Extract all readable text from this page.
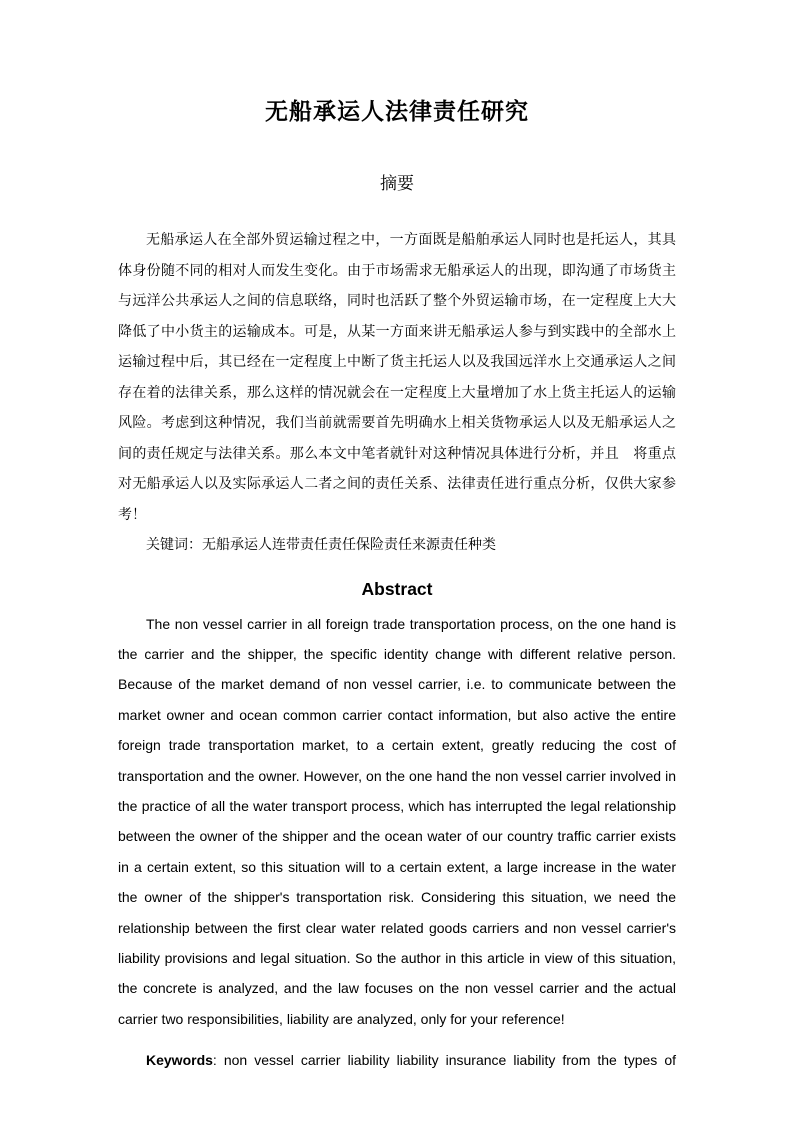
无船承运人法律责任研究
摘要

无船承运人在全部外贸运输过程之中，一方面既是船舶承运人同时也是托运人，其具体身份随不同的相对人而发生变化。由于市场需求无船承运人的出现，即沟通了市场货主与远洋公共承运人之间的信息联络，同时也活跃了整个外贸运输市场，在一定程度上大大降低了中小货主的运输成本。可是，从某一方面来讲无船承运人参与到实践中的全部水上运输过程中后，其已经在一定程度上中断了货主托运人以及我国远洋水上交通承运人之间存在着的法律关系，那么这样的情况就会在一定程度上大量增加了水上货主托运人的运输风险。考虑到这种情况，我们当前就需要首先明确水上相关货物承运人以及无船承运人之间的责任规定与法律关系。那么本文中笔者就针对这种情况具体进行分析，并且　将重点对无船承运人以及实际承运人二者之间的责任关系、法律责任进行重点分析，仅供大家参考！

关键词：无船承运人连带责任责任保险责任来源责任种类

Abstract

The non vessel carrier in all foreign trade transportation process, on the one hand is the carrier and the shipper, the specific identity change with different relative person. Because of the market demand of non vessel carrier, i.e. to communicate between the market owner and ocean common carrier contact information, but also active the entire foreign trade transportation market, to a certain extent, greatly reducing the cost of transportation and the owner. However, on the one hand the non vessel carrier involved in the practice of all the water transport process, which has interrupted the legal relationship between the owner of the shipper and the ocean water of our country traffic carrier exists in a certain extent, so this situation will to a certain extent, a large increase in the water the owner of the shipper's transportation risk. Considering this situation, we need the relationship between the first clear water related goods carriers and non vessel carrier's liability provisions and legal situation. So the author in this article in view of this situation, the concrete is analyzed, and the law focuses on the non vessel carrier and the actual carrier two responsibilities, liability are analyzed, only for your reference!

Keywords: non vessel carrier liability liability insurance liability from the types of
